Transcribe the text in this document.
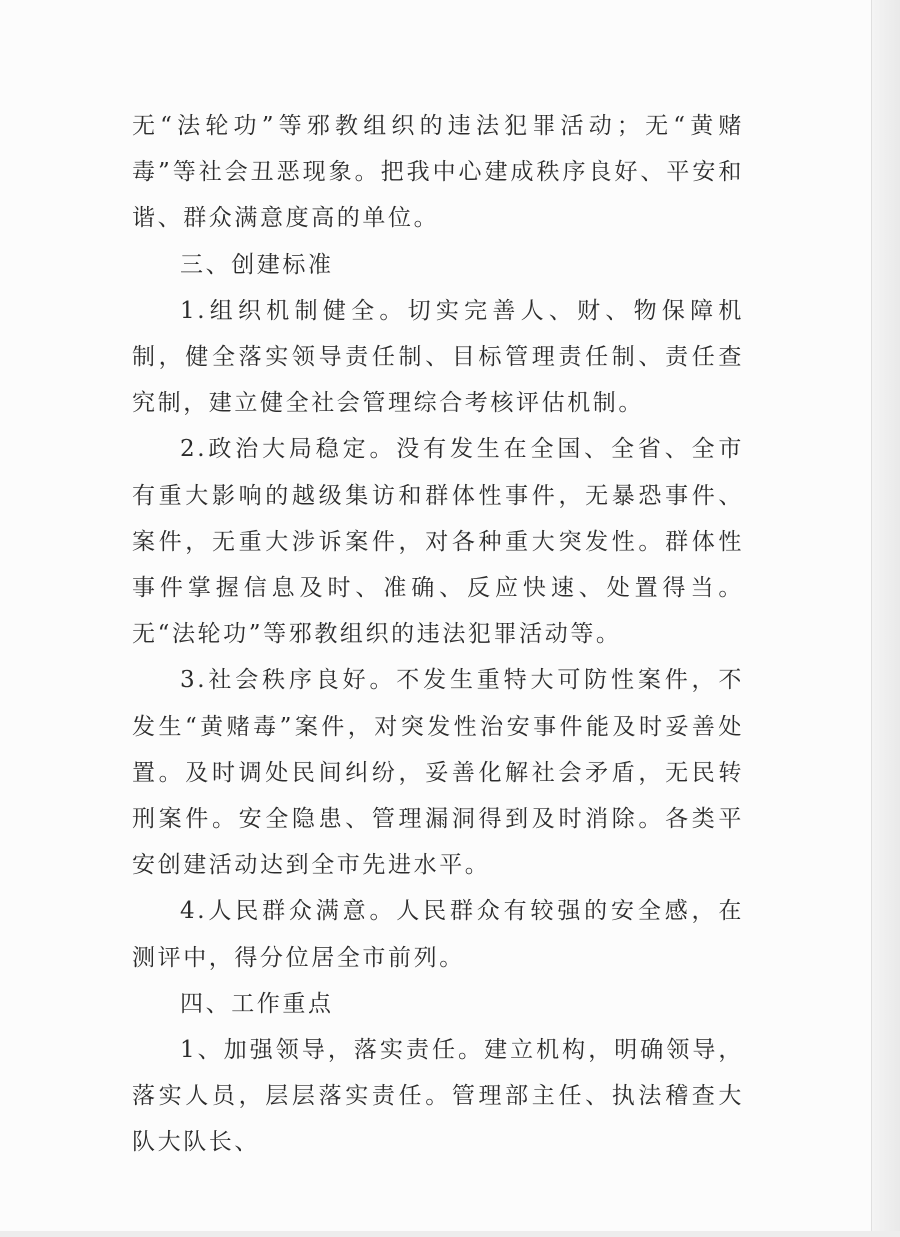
无“法轮功”等邪教组织的违法犯罪活动；无“黄赌毒”等社会丑恶现象。把我中心建成秩序良好、平安和谐、群众满意度高的单位。

三、创建标准

1.组织机制健全。切实完善人、财、物保障机制，健全落实领导责任制、目标管理责任制、责任查究制，建立健全社会管理综合考核评估机制。

2.政治大局稳定。没有发生在全国、全省、全市有重大影响的越级集访和群体性事件，无暴恐事件、案件，无重大涉诉案件，对各种重大突发性。群体性事件掌握信息及时、准确、反应快速、处置得当。无“法轮功”等邪教组织的违法犯罪活动等。

3.社会秩序良好。不发生重特大可防性案件，不发生“黄赌毒”案件，对突发性治安事件能及时妥善处置。及时调处民间纠纷，妥善化解社会矛盾，无民转刑案件。安全隐患、管理漏洞得到及时消除。各类平安创建活动达到全市先进水平。

4.人民群众满意。人民群众有较强的安全感，在测评中，得分位居全市前列。

四、工作重点

1、加强领导，落实责任。建立机构，明确领导，落实人员，层层落实责任。管理部主任、执法稽查大队大队长、
